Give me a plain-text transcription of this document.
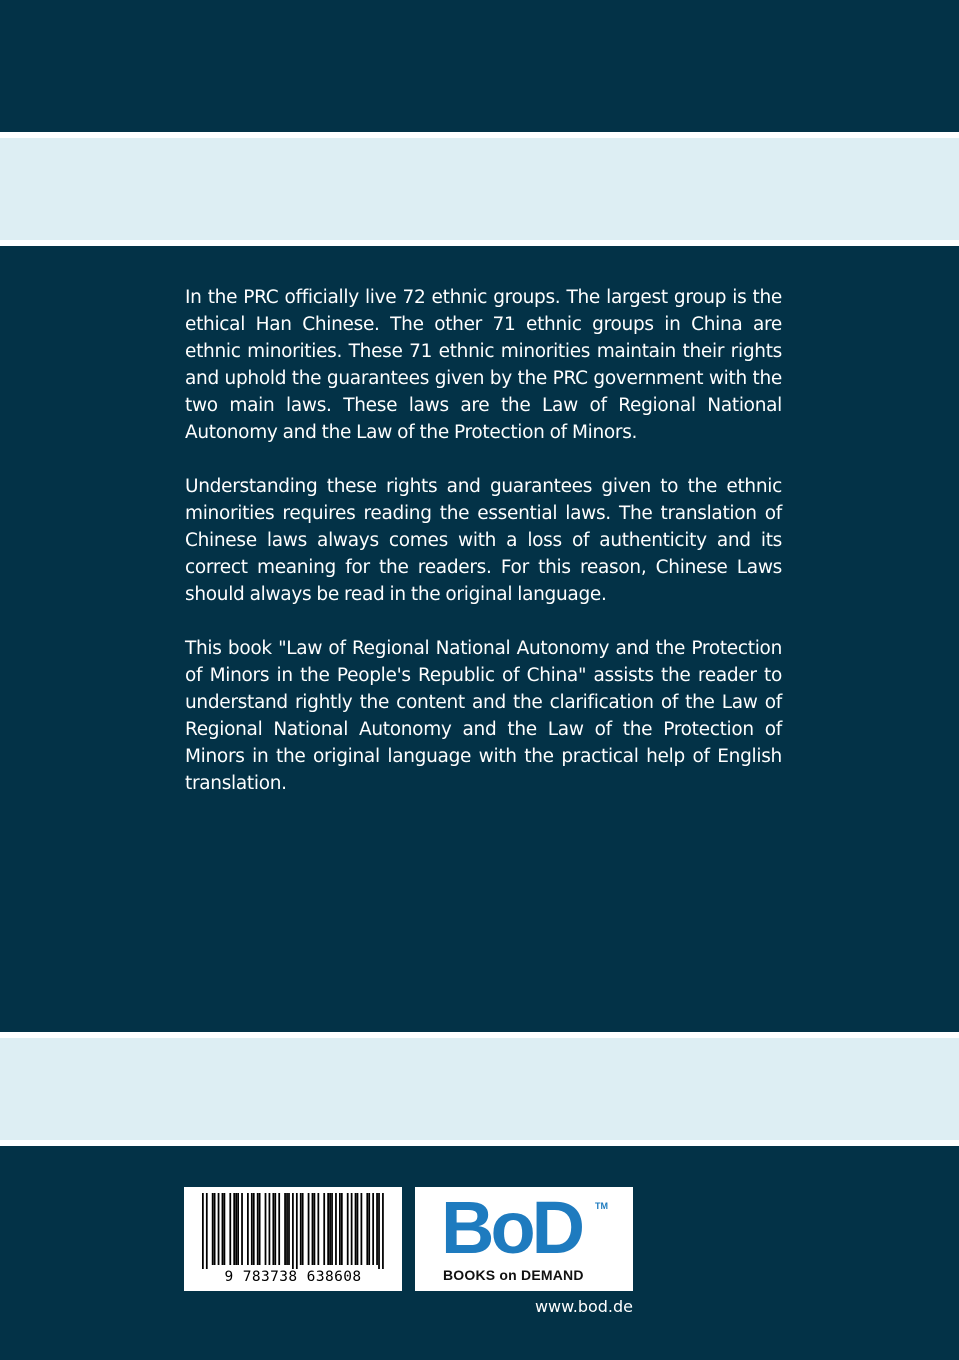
In the PRC officially live 72 ethnic groups. The largest group is the ethical Han Chinese. The other 71 ethnic groups in China are ethnic minorities. These 71 ethnic minorities maintain their rights and uphold the guarantees given by the PRC government with the two main laws. These laws are the Law of Regional National Autonomy and the Law of the Protection of Minors.

Understanding these rights and guarantees given to the ethnic minorities requires reading the essential laws. The translation of Chinese laws always comes with a loss of authenticity and its correct meaning for the readers. For this reason, Chinese Laws should always be read in the original language.

This book "Law of Regional National Autonomy and the Protection of Minors in the People's Republic of China" assists the reader to understand rightly the content and the clarification of the Law of Regional National Autonomy and the Law of the Protection of Minors in the original language with the practical help of English translation.

9 783738 638608
BoD TM
BOOKS on DEMAND
www.bod.de
